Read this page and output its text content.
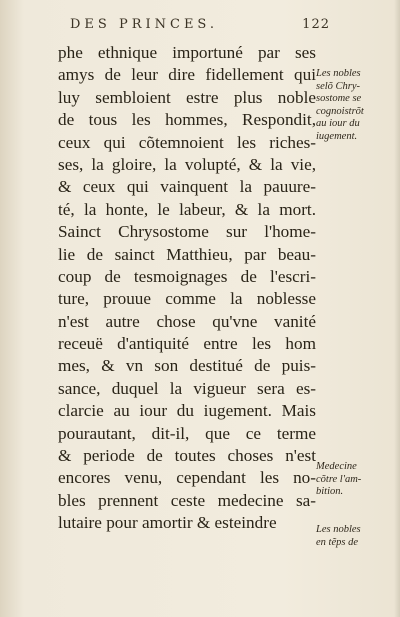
DES PRINCES.	122
phe ethnique importuné par ses
amys de leur dire fidellement qui
luy sembloient estre plus noble
de tous les hommes, Respondit,
ceux qui cõtemnoient les riches-
ses, la gloire, la volupté, & la vie,
& ceux qui vainquent la pauure-
té, la honte, le labeur, & la mort.
Sainct Chrysostome sur l'home-
lie de sainct Matthieu, par beau-
coup de tesmoignages de l'escri-
ture, prouue comme la noblesse
n'est autre chose qu'vne vanité
receuë d'antiquité entre les hom
mes, & vn son destitué de puis-
sance, duquel la vigueur sera es-
clarcie au iour du iugement. Mais
pourautant, dit-il, que ce terme
& periode de toutes choses n'est
encores venu, cependant les no-
bles prennent ceste medecine sa-
lutaire pour amortir & esteindre
Les nobles
selõ Chry-
sostome se
cognoistrõt
au iour du
iugement.
Medecine
cõtre l'am-
bition.
Les nobles
en tẽps de
